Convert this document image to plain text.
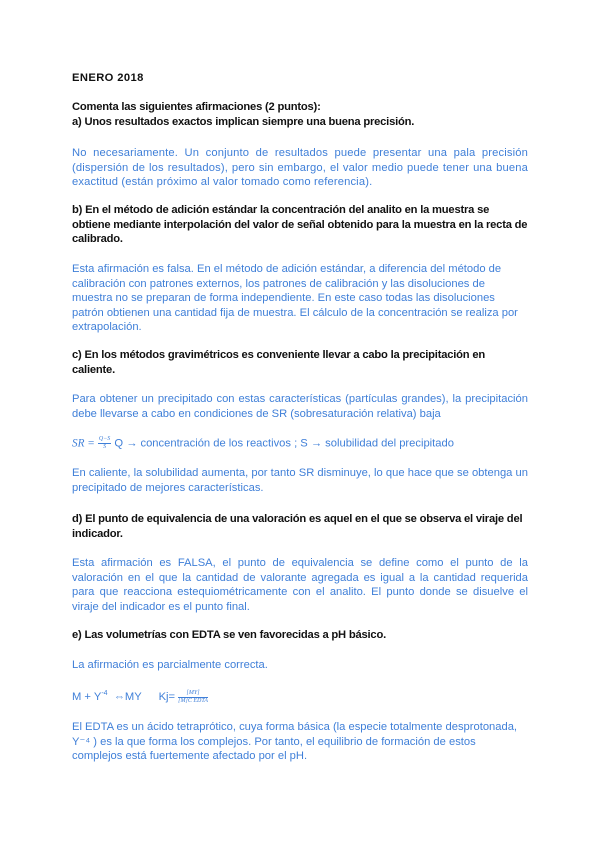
ENERO 2018
Comenta las siguientes afirmaciones (2 puntos):
a) Unos resultados exactos implican siempre una buena precisión.
No necesariamente. Un conjunto de resultados puede presentar una pala precisión (dispersión de los resultados), pero sin embargo, el valor medio puede tener una buena exactitud (están próximo al valor tomado como referencia).
b) En el método de adición estándar la concentración del analito en la muestra se obtiene mediante interpolación del valor de señal obtenido para la muestra en la recta de calibrado.
Esta afirmación es falsa. En el método de adición estándar, a diferencia del método de calibración con patrones externos, los patrones de calibración y las disoluciones de muestra no se preparan de forma independiente. En este caso todas las disoluciones patrón obtienen una cantidad fija de muestra. El cálculo de la concentración se realiza por extrapolación.
c) En los métodos gravimétricos es conveniente llevar a cabo la precipitación en caliente.
Para obtener un precipitado con estas características (partículas grandes), la precipitación debe llevarse a cabo en condiciones de SR (sobresaturación relativa) baja
SR = $\frac{Q-S}{S}$ Q → concentración de los reactivos ; S → solubilidad del precipitado
En caliente, la solubilidad aumenta, por tanto SR disminuye, lo que hace que se obtenga un precipitado de mejores características.
d) El punto de equivalencia de una valoración es aquel en el que se observa el viraje del indicador.
Esta afirmación es FALSA, el punto de equivalencia se define como el punto de la valoración en el que la cantidad de valorante agregada es igual a la cantidad requerida para que reacciona estequiométricamente con el analito. El punto donde se disuelve el viraje del indicador es el punto final.
e) Las volumetrías con EDTA se ven favorecidas a pH básico.
La afirmación es parcialmente correcta.
$M + Y^{-4}$ ⇔MY $Kj= \frac{[MY]}{\text{[M]C EDTA}}$
El EDTA es un ácido tetraprótico, cuya forma básica (la especie totalmente desprotonada, Y⁻⁴ ) es la que forma los complejos. Por tanto, el equilibrio de formación de estos complejos está fuertemente afectado por el pH.
